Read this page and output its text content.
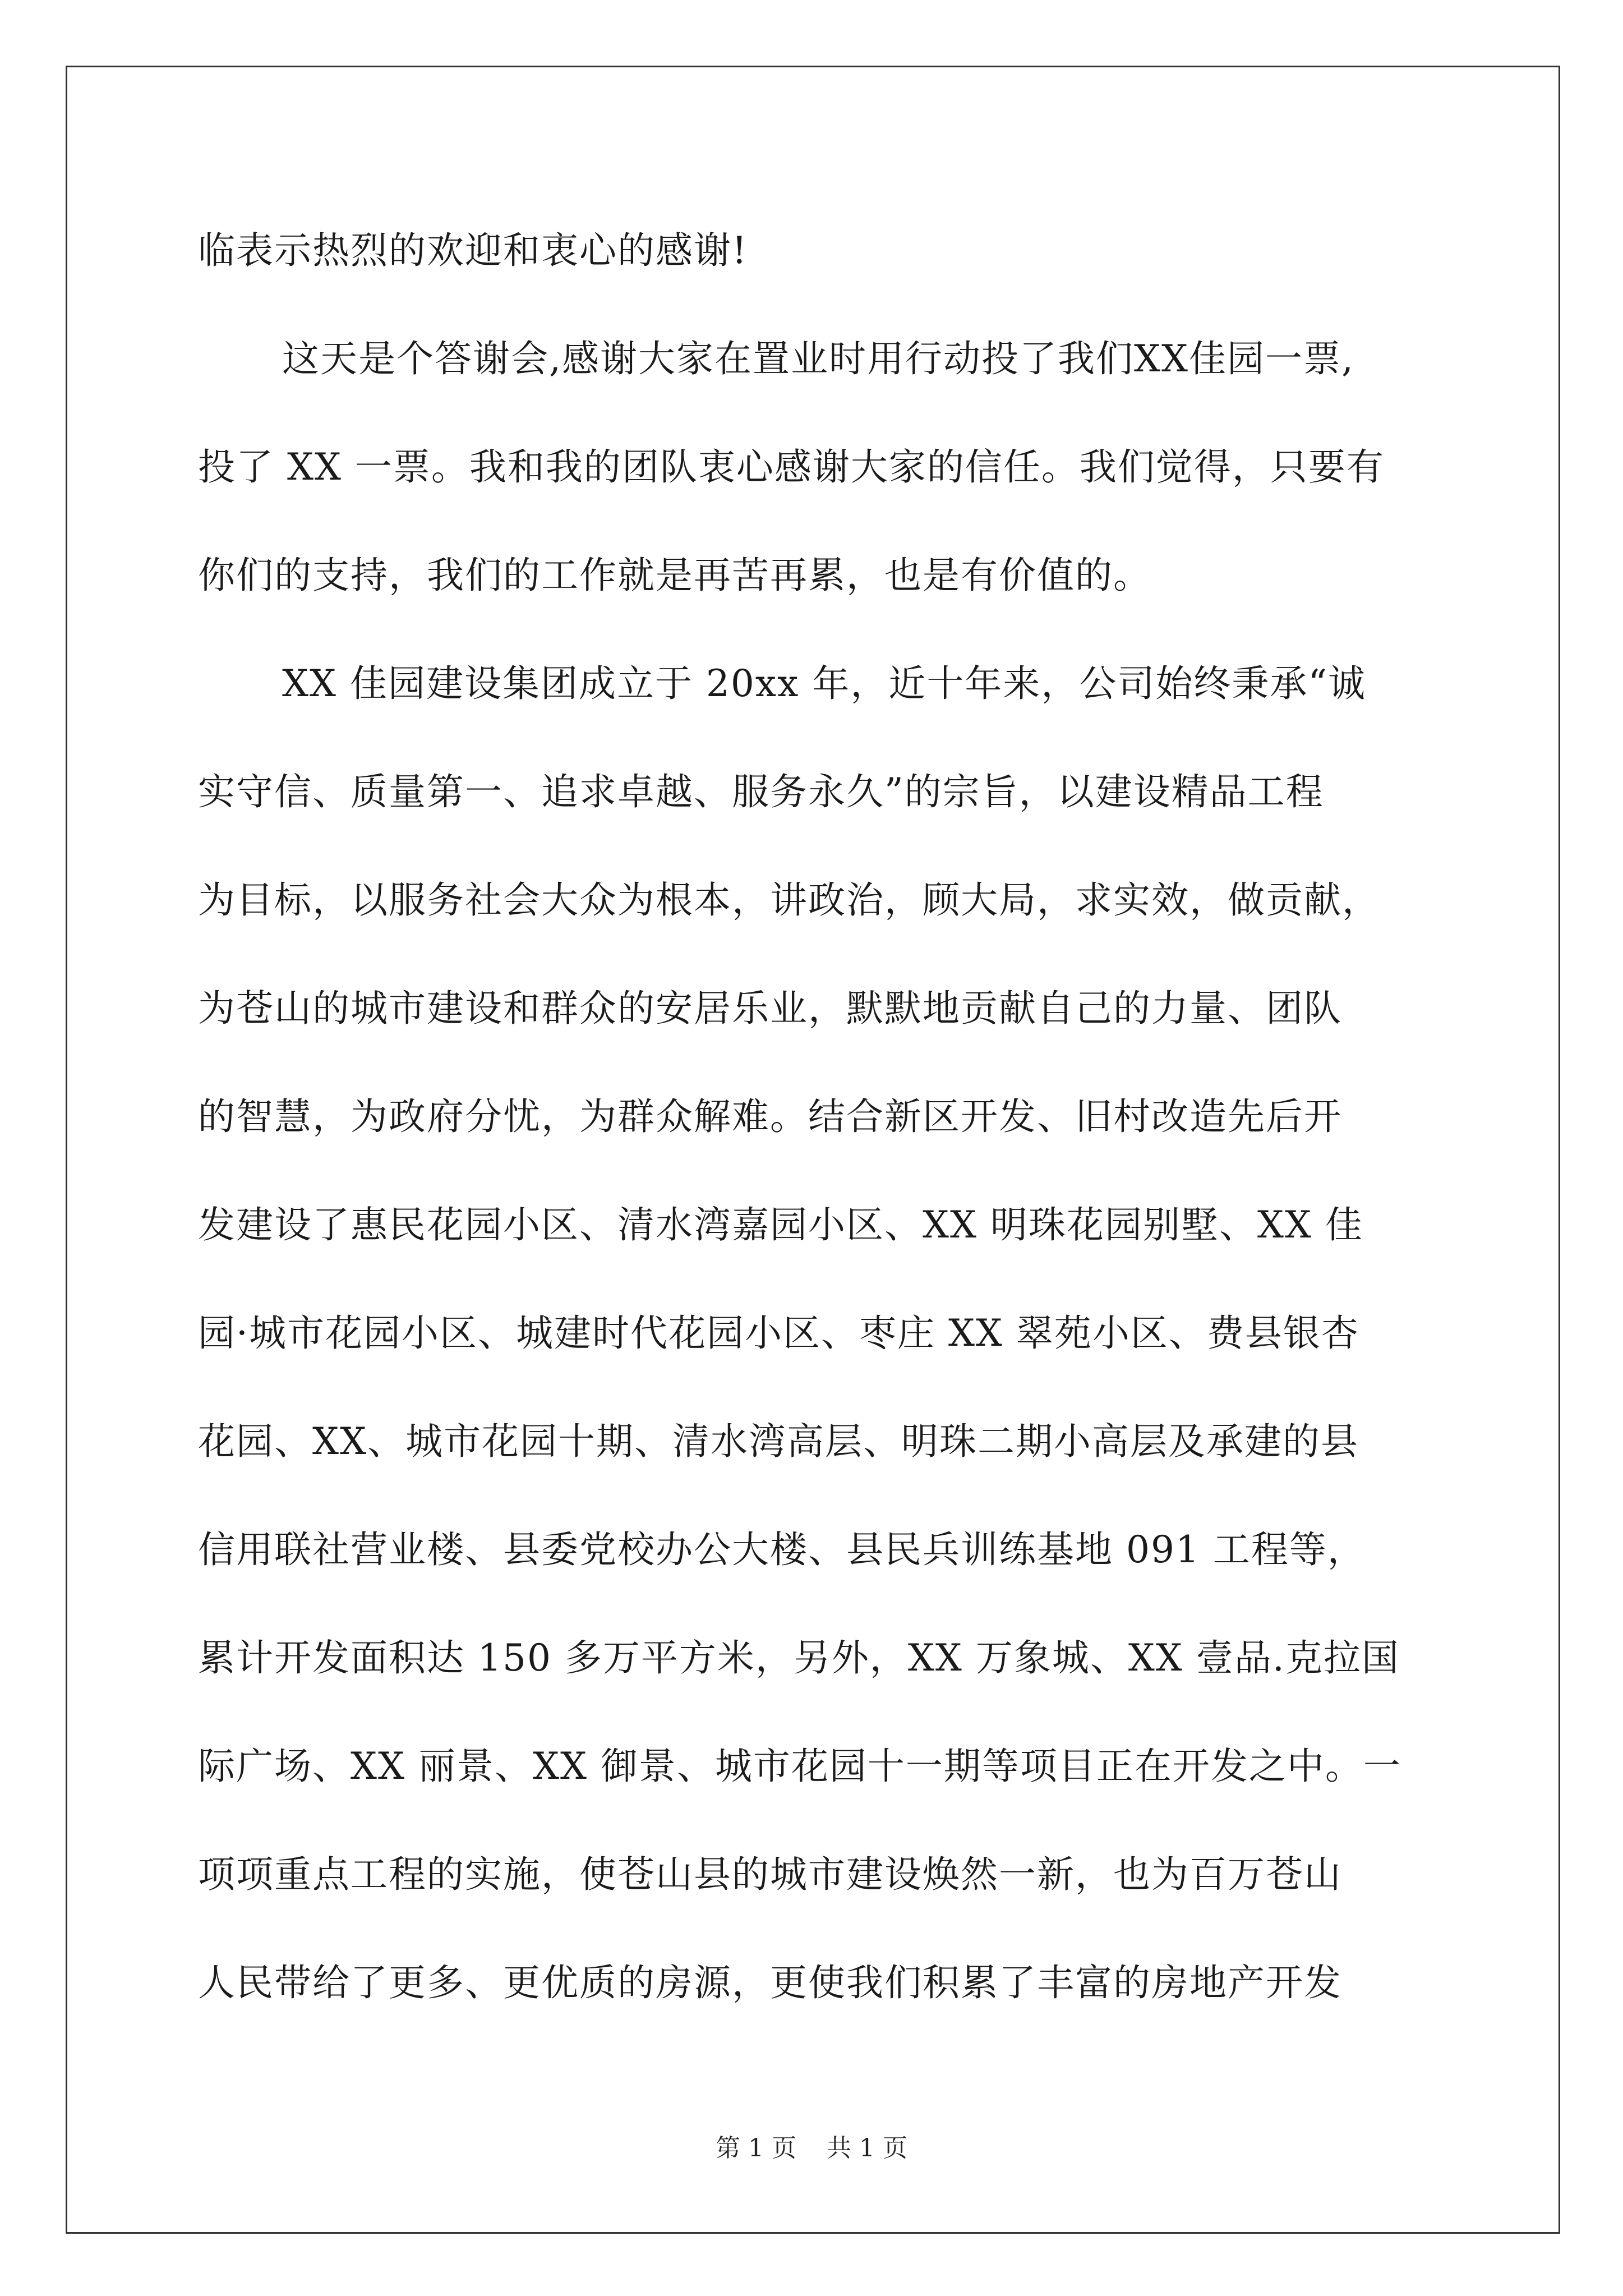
临表示热烈的欢迎和衷心的感谢!
这天是个答谢会,感谢大家在置业时用行动投了我们XX佳园一票,
投了 XX 一票。我和我的团队衷心感谢大家的信任。我们觉得，只要有
你们的支持，我们的工作就是再苦再累，也是有价值的。
XX 佳园建设集团成立于 20xx 年，近十年来，公司始终秉承“诚
实守信、质量第一、追求卓越、服务永久”的宗旨，以建设精品工程
为目标，以服务社会大众为根本，讲政治，顾大局，求实效，做贡献，
为苍山的城市建设和群众的安居乐业，默默地贡献自己的力量、团队
的智慧，为政府分忧，为群众解难。结合新区开发、旧村改造先后开
发建设了惠民花园小区、清水湾嘉园小区、XX 明珠花园别墅、XX 佳
园·城市花园小区、城建时代花园小区、枣庄 XX 翠苑小区、费县银杏
花园、XX、城市花园十期、清水湾高层、明珠二期小高层及承建的县
信用联社营业楼、县委党校办公大楼、县民兵训练基地 091 工程等，
累计开发面积达 150 多万平方米，另外，XX 万象城、XX 壹品.克拉国
际广场、XX 丽景、XX 御景、城市花园十一期等项目正在开发之中。一
项项重点工程的实施，使苍山县的城市建设焕然一新，也为百万苍山
人民带给了更多、更优质的房源，更使我们积累了丰富的房地产开发
第 1 页 共 1 页
